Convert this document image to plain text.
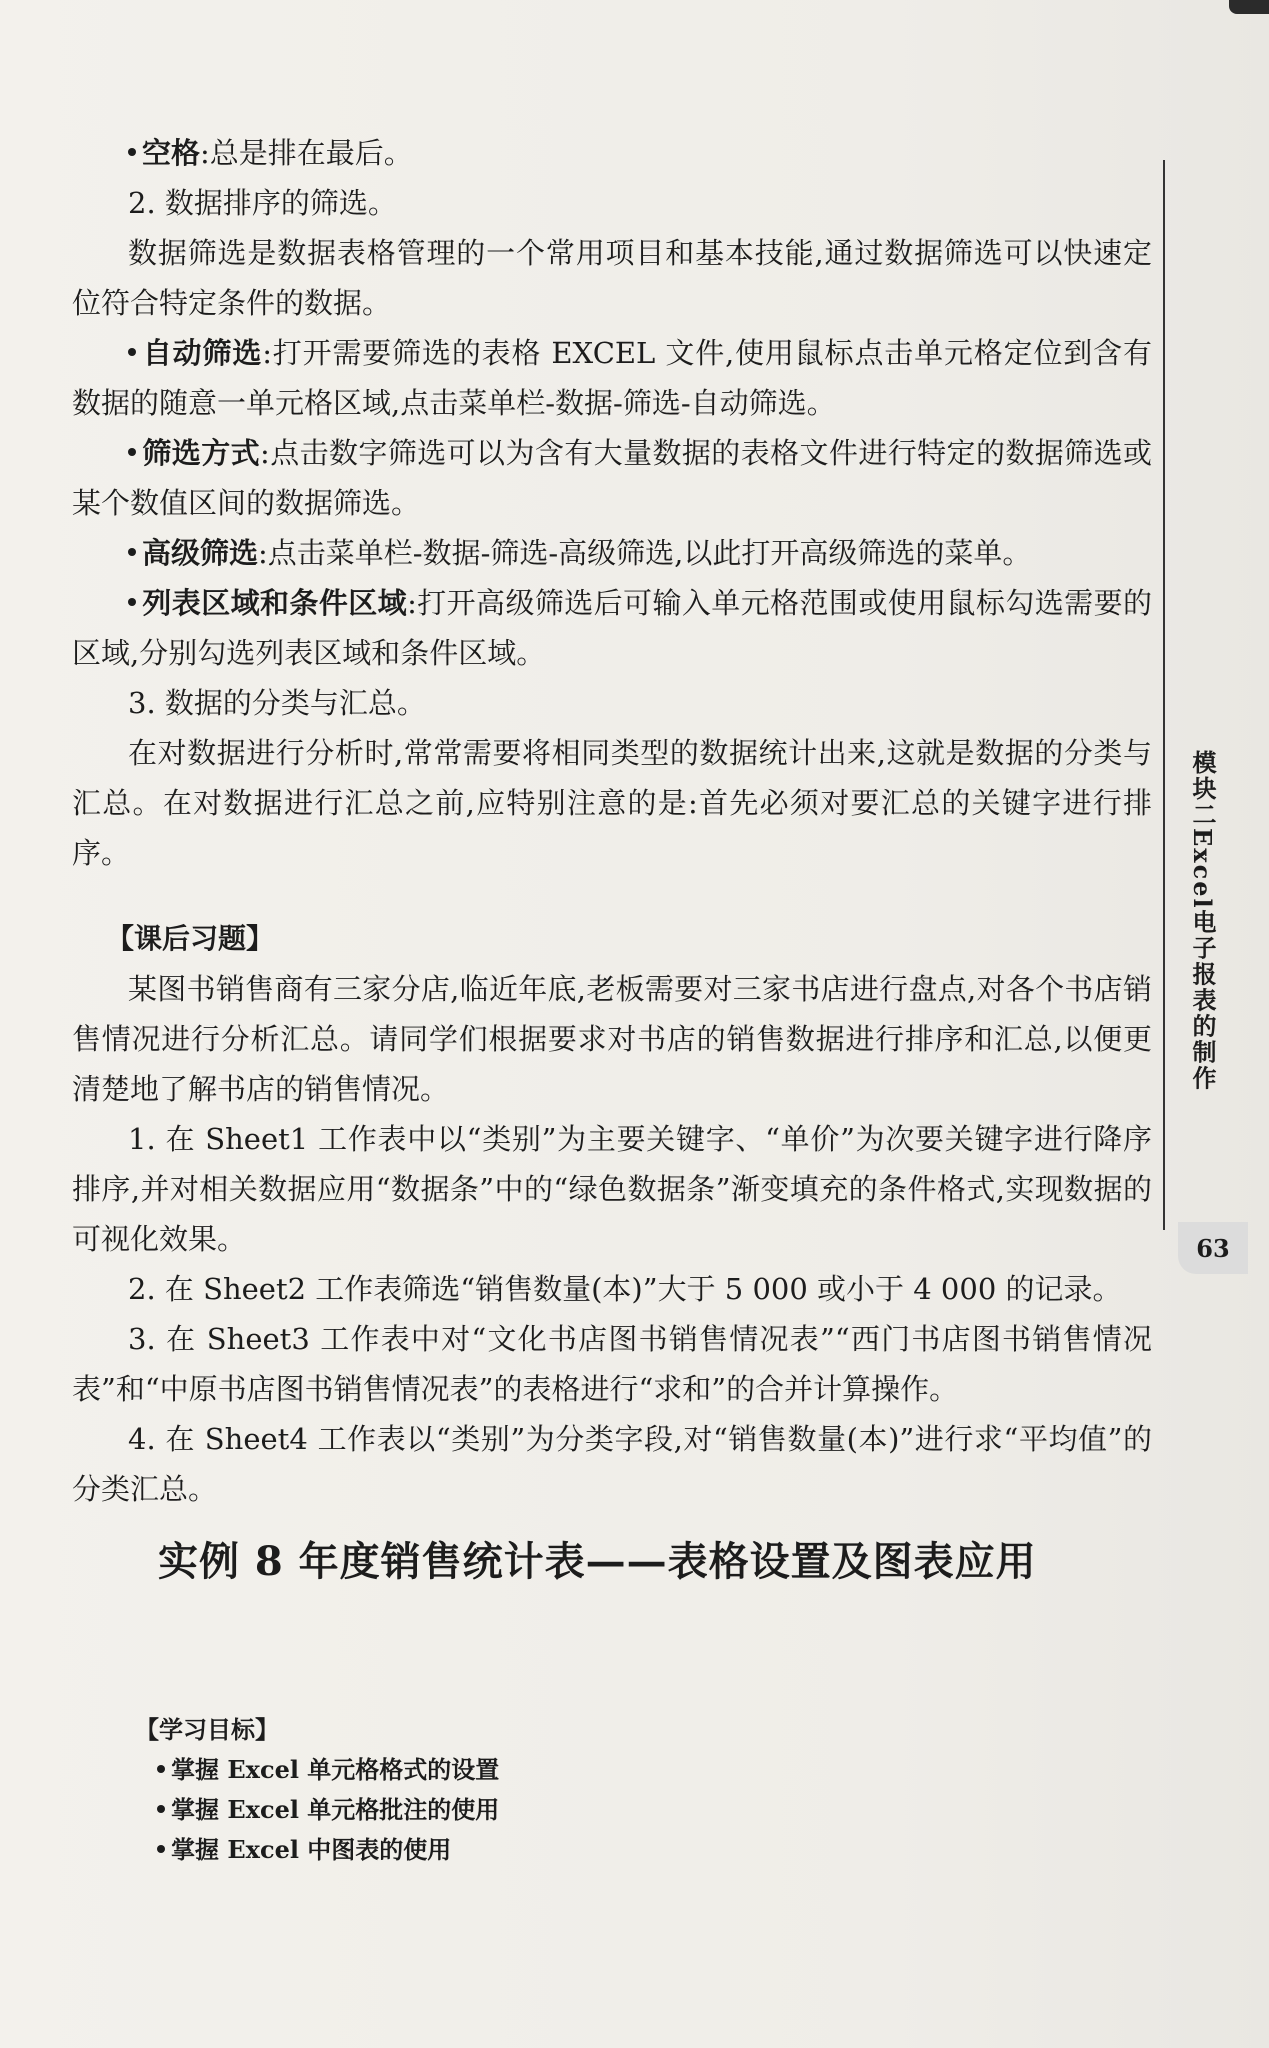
空格:总是排在最后。

2. 数据排序的筛选。

数据筛选是数据表格管理的一个常用项目和基本技能,通过数据筛选可以快速定位符合特定条件的数据。

自动筛选:打开需要筛选的表格 EXCEL 文件,使用鼠标点击单元格定位到含有数据的随意一单元格区域,点击菜单栏-数据-筛选-自动筛选。

筛选方式:点击数字筛选可以为含有大量数据的表格文件进行特定的数据筛选或某个数值区间的数据筛选。

高级筛选:点击菜单栏-数据-筛选-高级筛选,以此打开高级筛选的菜单。

列表区域和条件区域:打开高级筛选后可输入单元格范围或使用鼠标勾选需要的区域,分别勾选列表区域和条件区域。

3. 数据的分类与汇总。

在对数据进行分析时,常常需要将相同类型的数据统计出来,这就是数据的分类与汇总。在对数据进行汇总之前,应特别注意的是:首先必须对要汇总的关键字进行排序。

【课后习题】

某图书销售商有三家分店,临近年底,老板需要对三家书店进行盘点,对各个书店销售情况进行分析汇总。请同学们根据要求对书店的销售数据进行排序和汇总,以便更清楚地了解书店的销售情况。

1. 在 Sheet1 工作表中以“类别”为主要关键字、“单价”为次要关键字进行降序排序,并对相关数据应用“数据条”中的“绿色数据条”渐变填充的条件格式,实现数据的可视化效果。

2. 在 Sheet2 工作表筛选“销售数量(本)”大于 5 000 或小于 4 000 的记录。

3. 在 Sheet3 工作表中对“文化书店图书销售情况表”“西门书店图书销售情况表”和“中原书店图书销售情况表”的表格进行“求和”的合并计算操作。

4. 在 Sheet4 工作表以“类别”为分类字段,对“销售数量(本)”进行求“平均值”的分类汇总。

实例 8 年度销售统计表——表格设置及图表应用
【学习目标】
掌握 Excel 单元格格式的设置
掌握 Excel 单元格批注的使用
掌握 Excel 中图表的使用
模块二Excel电子报表的制作
63
